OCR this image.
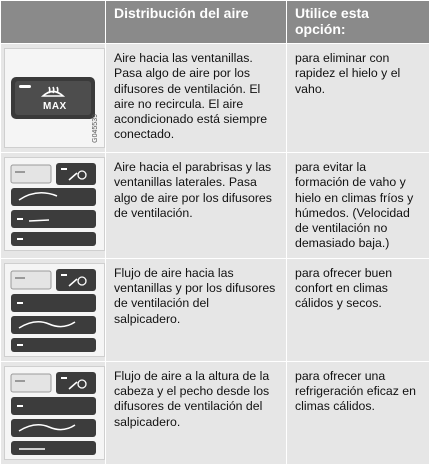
	Distribución del aire	Utilice esta opción:

MAX
G045539	Aire hacia las ventanillas. Pasa algo de aire por los difusores de ventilación. El aire no recircula. El aire acondicionado está siempre conectado.	para eliminar con rapidez el hielo y el vaho.

	Aire hacia el parabrisas y las ventanillas laterales. Pasa algo de aire por los difusores de ventilación.	para evitar la formación de vaho y hielo en climas fríos y húmedos. (Velocidad de ventilación no demasiado baja.)

	Flujo de aire hacia las ventanillas y por los difusores de ventilación del salpicadero.	para ofrecer buen confort en climas cálidos y secos.

	Flujo de aire a la altura de la cabeza y el pecho desde los difusores de ventilación del salpicadero.	para ofrecer una refrigeración eficaz en climas cálidos.
